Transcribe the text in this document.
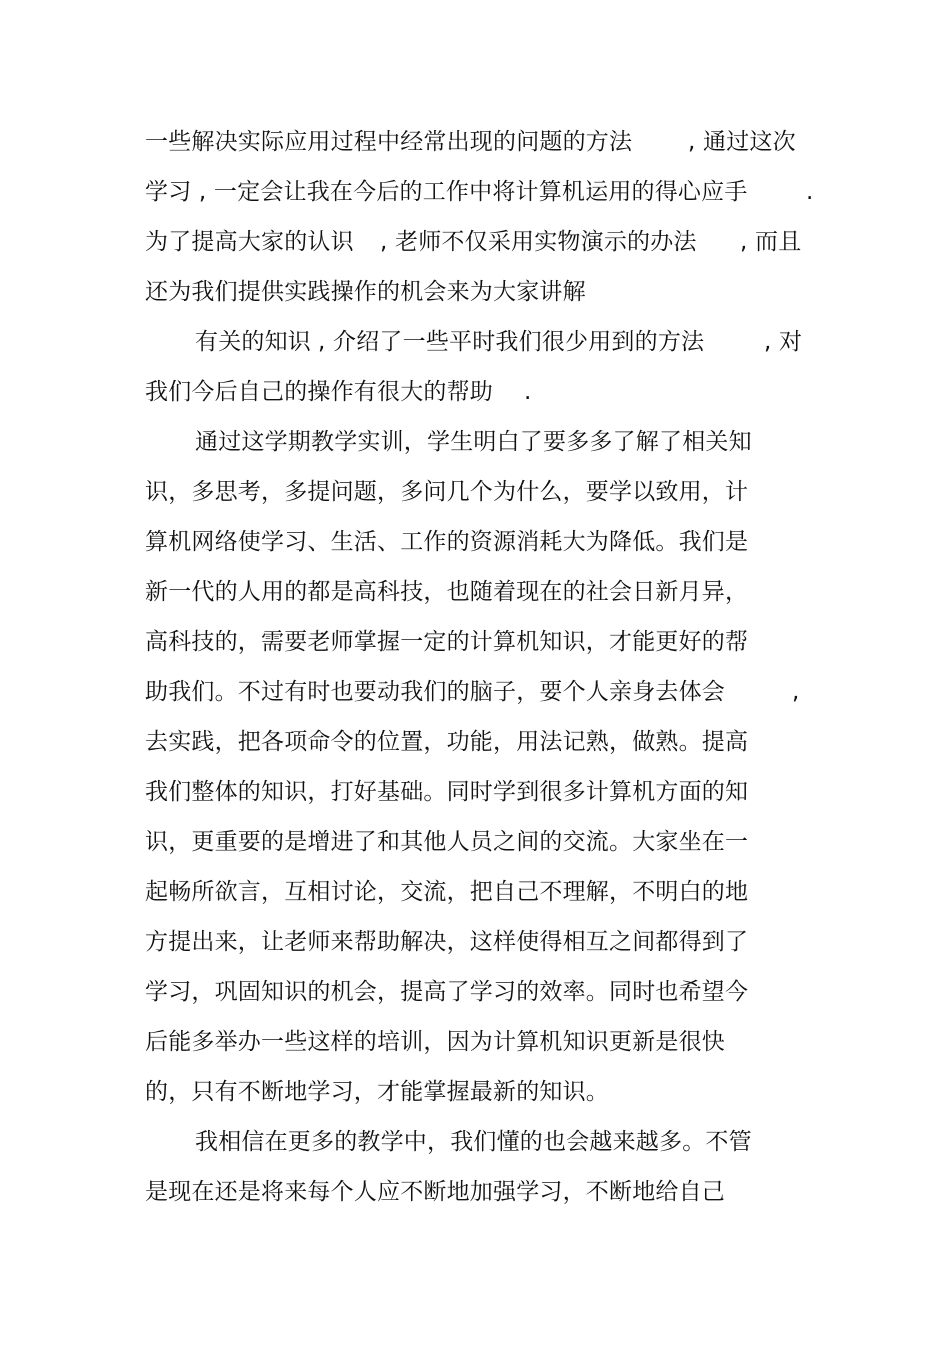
一些解决实际应用过程中经常出现的问题的方法 , 通过这次
学习 , 一定会让我在今后的工作中将计算机运用的得心应手	.
为了提高大家的认识 , 老师不仅采用实物演示的办法 , 而且
还为我们提供实践操作的机会来为大家讲解
有关的知识 , 介绍了一些平时我们很少用到的方法	, 对
我们今后自己的操作有很大的帮助 .
通过这学期教学实训，学生明白了要多多了解了相关知
识，多思考，多提问题，多问几个为什么，要学以致用，计
算机网络使学习、生活、工作的资源消耗大为降低。我们是
新一代的人用的都是高科技，也随着现在的社会日新月异，
高科技的，需要老师掌握一定的计算机知识，才能更好的帮
助我们。不过有时也要动我们的脑子，要个人亲身去体会	,
去实践，把各项命令的位置，功能，用法记熟，做熟。提高
我们整体的知识，打好基础。同时学到很多计算机方面的知
识，更重要的是增进了和其他人员之间的交流。大家坐在一
起畅所欲言，互相讨论，交流，把自己不理解，不明白的地
方提出来，让老师来帮助解决，这样使得相互之间都得到了
学习，巩固知识的机会，提高了学习的效率。同时也希望今
后能多举办一些这样的培训，因为计算机知识更新是很快
的，只有不断地学习，才能掌握最新的知识。
我相信在更多的教学中，我们懂的也会越来越多。不管
是现在还是将来每个人应不断地加强学习，不断地给自己
